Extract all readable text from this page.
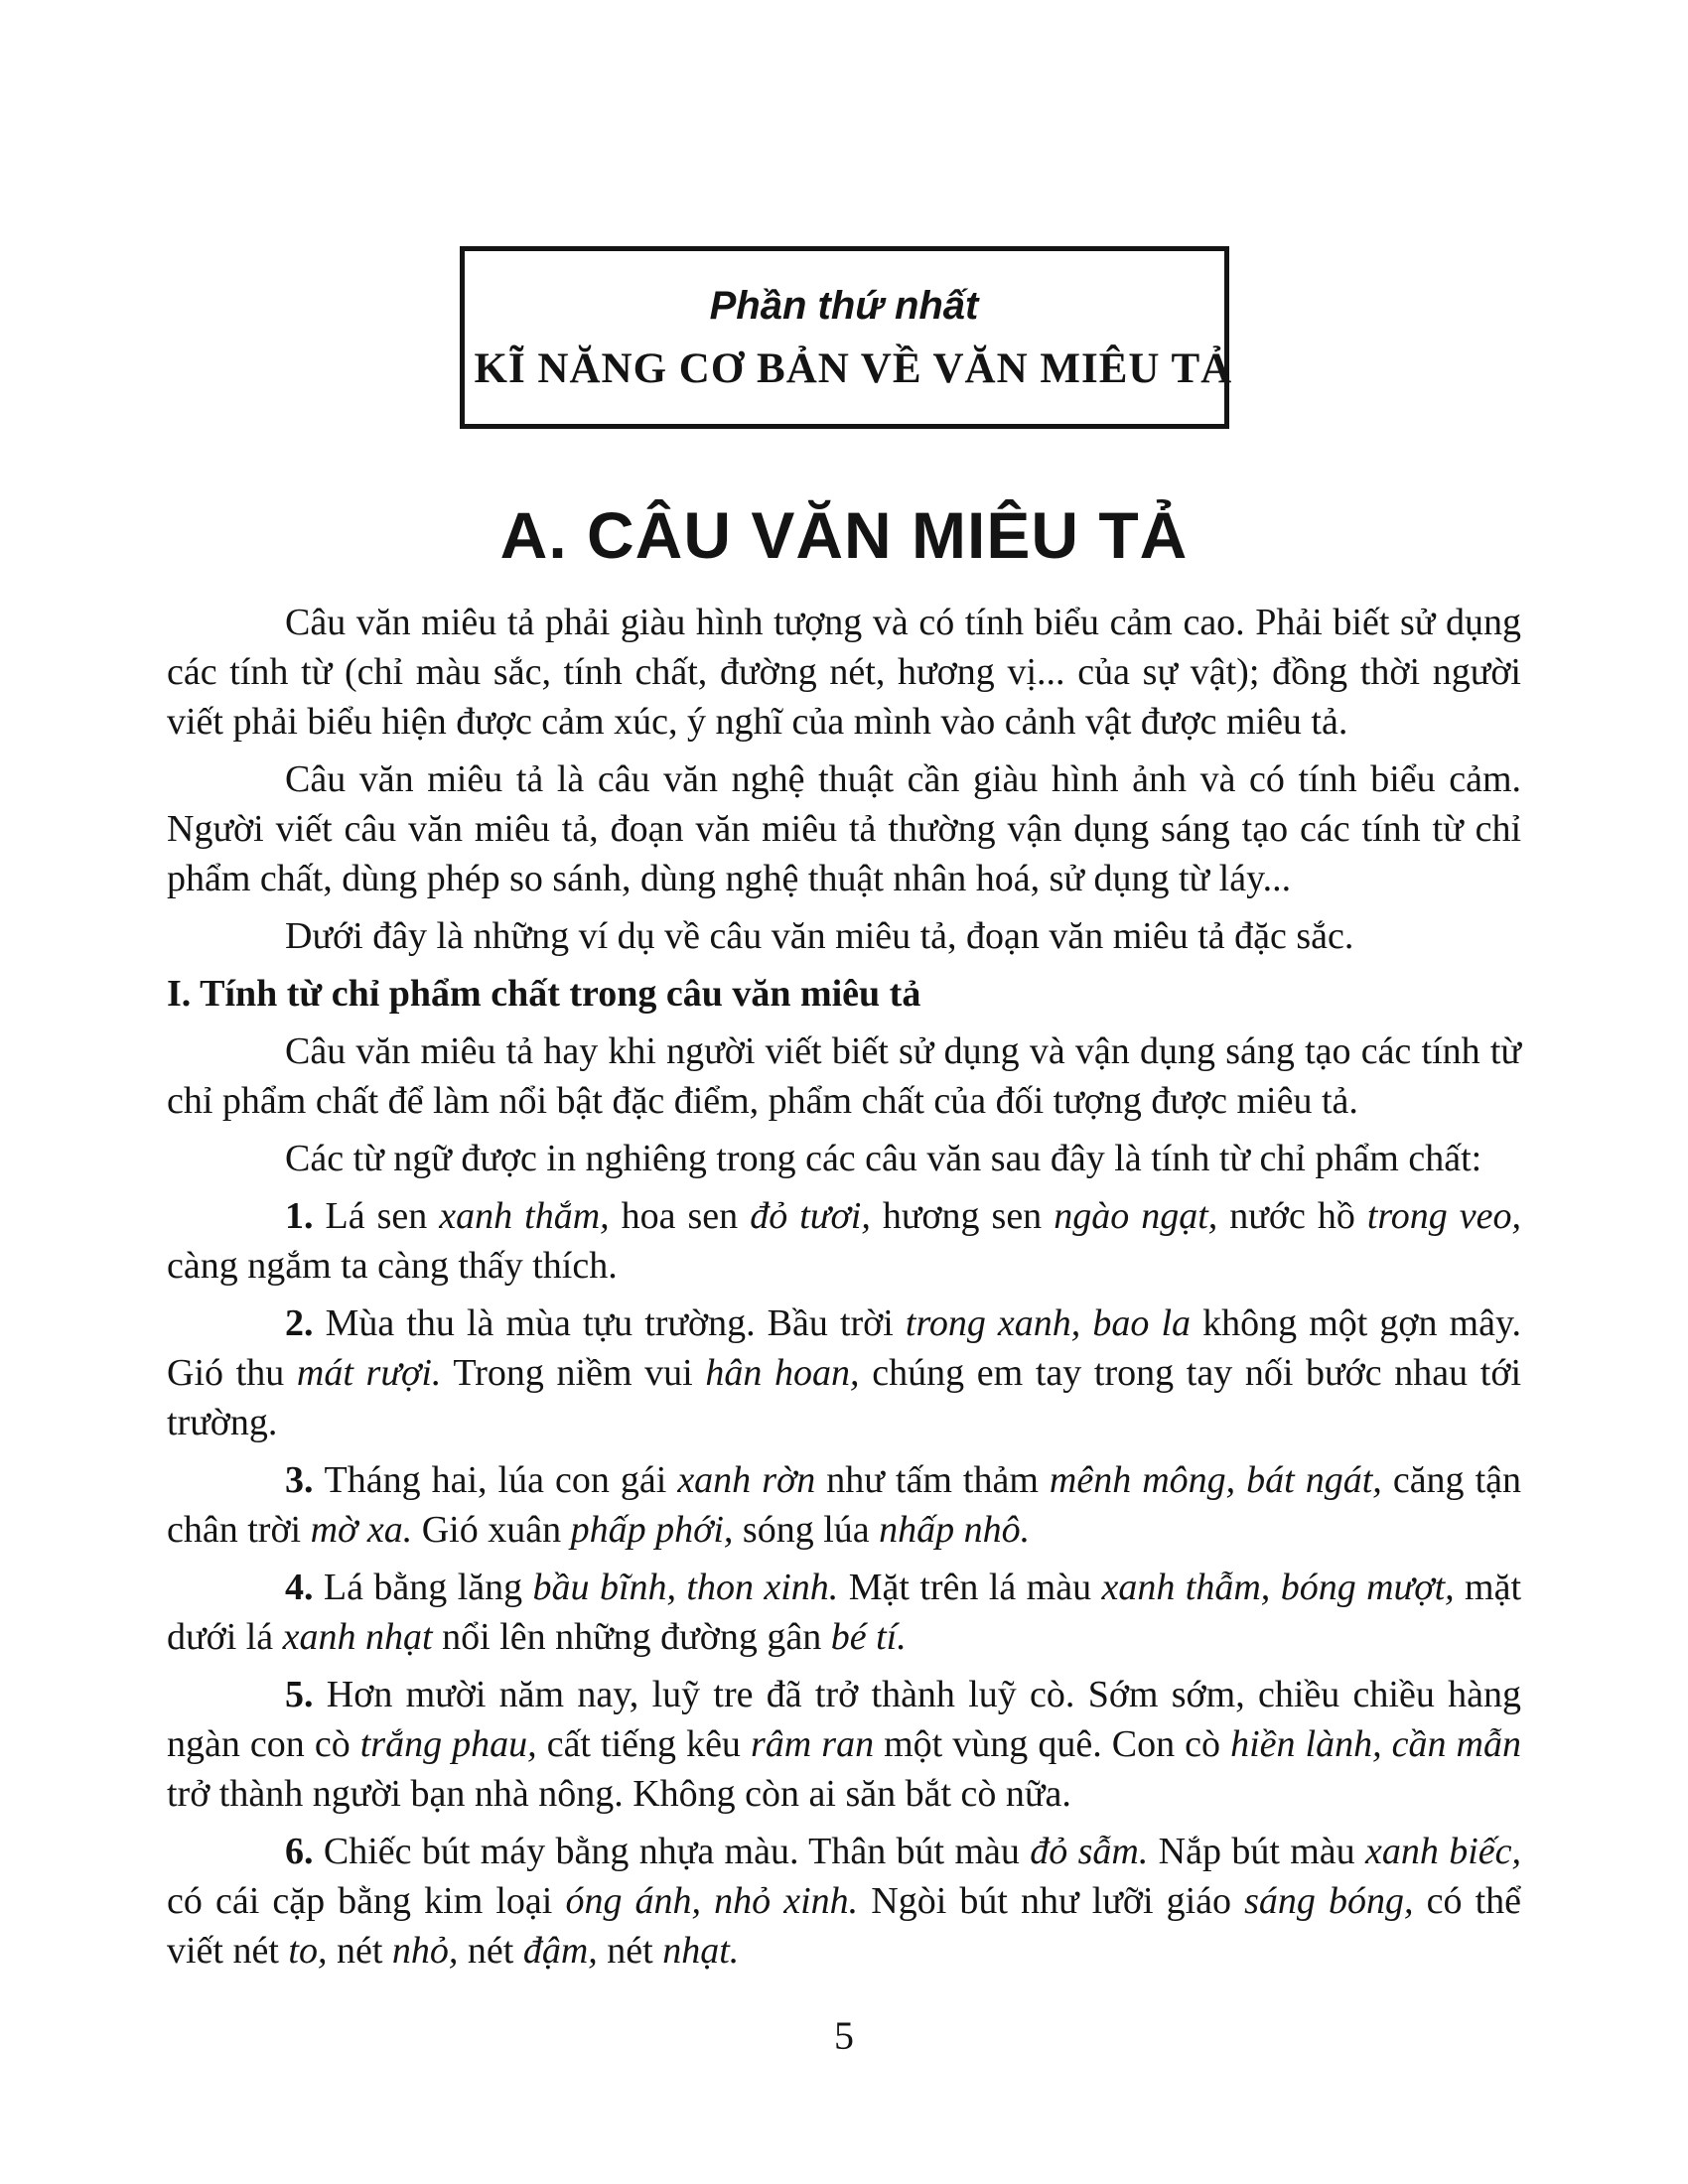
Phần thứ nhất
KĨ NĂNG CƠ BẢN VỀ VĂN MIÊU TẢ
A. CÂU VĂN MIÊU TẢ

Câu văn miêu tả phải giàu hình tượng và có tính biểu cảm cao. Phải biết sử dụng các tính từ (chỉ màu sắc, tính chất, đường nét, hương vị... của sự vật); đồng thời người viết phải biểu hiện được cảm xúc, ý nghĩ của mình vào cảnh vật được miêu tả.

Câu văn miêu tả là câu văn nghệ thuật cần giàu hình ảnh và có tính biểu cảm. Người viết câu văn miêu tả, đoạn văn miêu tả thường vận dụng sáng tạo các tính từ chỉ phẩm chất, dùng phép so sánh, dùng nghệ thuật nhân hoá, sử dụng từ láy...

Dưới đây là những ví dụ về câu văn miêu tả, đoạn văn miêu tả đặc sắc.

I. Tính từ chỉ phẩm chất trong câu văn miêu tả

Câu văn miêu tả hay khi người viết biết sử dụng và vận dụng sáng tạo các tính từ chỉ phẩm chất để làm nổi bật đặc điểm, phẩm chất của đối tượng được miêu tả.

Các từ ngữ được in nghiêng trong các câu văn sau đây là tính từ chỉ phẩm chất:

1. Lá sen xanh thắm, hoa sen đỏ tươi, hương sen ngào ngạt, nước hồ trong veo, càng ngắm ta càng thấy thích.

2. Mùa thu là mùa tựu trường. Bầu trời trong xanh, bao la không một gợn mây. Gió thu mát rượi. Trong niềm vui hân hoan, chúng em tay trong tay nối bước nhau tới trường.

3. Tháng hai, lúa con gái xanh rờn như tấm thảm mênh mông, bát ngát, căng tận chân trời mờ xa. Gió xuân phấp phới, sóng lúa nhấp nhô.

4. Lá bằng lăng bầu bĩnh, thon xinh. Mặt trên lá màu xanh thẫm, bóng mượt, mặt dưới lá xanh nhạt nổi lên những đường gân bé tí.

5. Hơn mười năm nay, luỹ tre đã trở thành luỹ cò. Sớm sớm, chiều chiều hàng ngàn con cò trắng phau, cất tiếng kêu râm ran một vùng quê. Con cò hiền lành, cần mẫn trở thành người bạn nhà nông. Không còn ai săn bắt cò nữa.

6. Chiếc bút máy bằng nhựa màu. Thân bút màu đỏ sẫm. Nắp bút màu xanh biếc, có cái cặp bằng kim loại óng ánh, nhỏ xinh. Ngòi bút như lưỡi giáo sáng bóng, có thể viết nét to, nét nhỏ, nét đậm, nét nhạt.

5
